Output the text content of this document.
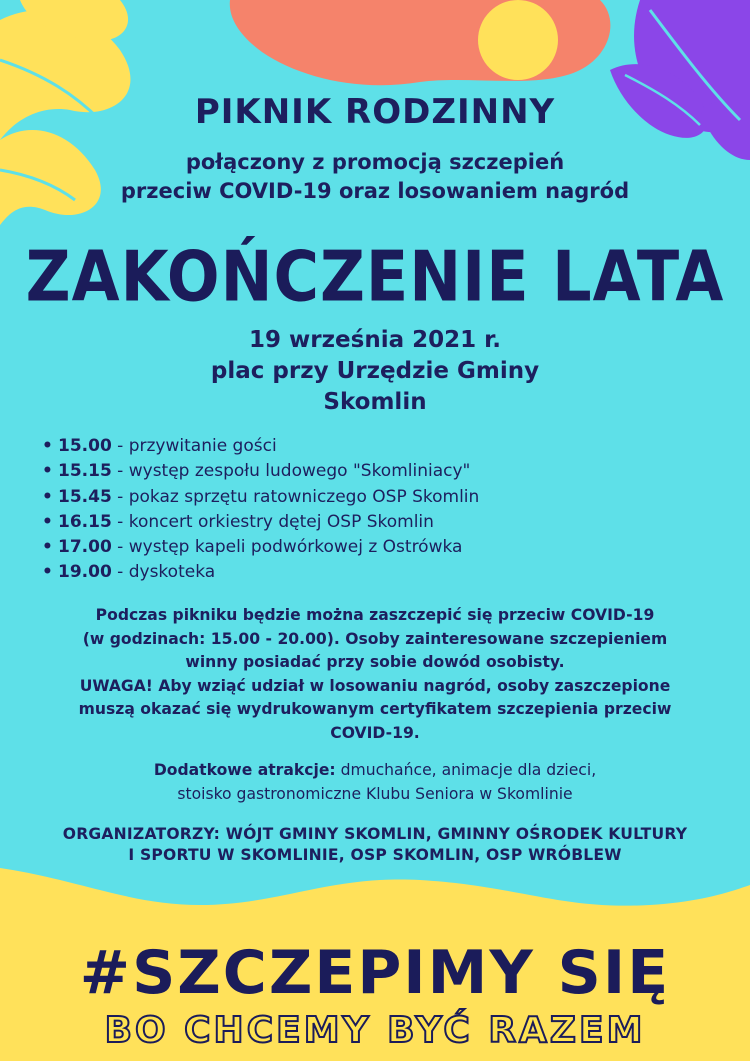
PIKNIK RODZINNY

połączony z promocją szczepień
przeciw COVID-19 oraz losowaniem nagród

ZAKOŃCZENIE LATA

19 września 2021 r.
plac przy Urzędzie Gminy
Skomlin

• 15.00 - przywitanie gości
• 15.15 - występ zespołu ludowego "Skomliniacy"
• 15.45 - pokaz sprzętu ratowniczego OSP Skomlin
• 16.15 - koncert orkiestry dętej OSP Skomlin
• 17.00 - występ kapeli podwórkowej z Ostrówka
• 19.00 - dyskoteka

Podczas pikniku będzie można zaszczepić się przeciw COVID-19
(w godzinach: 15.00 - 20.00). Osoby zainteresowane szczepieniem
winny posiadać przy sobie dowód osobisty.
UWAGA! Aby wziąć udział w losowaniu nagród, osoby zaszczepione
muszą okazać się wydrukowanym certyfikatem szczepienia przeciw
COVID-19.

Dodatkowe atrakcje: dmuchańce, animacje dla dzieci,
stoisko gastronomiczne Klubu Seniora w Skomlinie

ORGANIZATORZY: WÓJT GMINY SKOMLIN, GMINNY OŚRODEK KULTURY
I SPORTU W SKOMLINIE, OSP SKOMLIN, OSP WRÓBLEW

#SZCZEPIMY SIĘ

BO CHCEMY BYĆ RAZEM
